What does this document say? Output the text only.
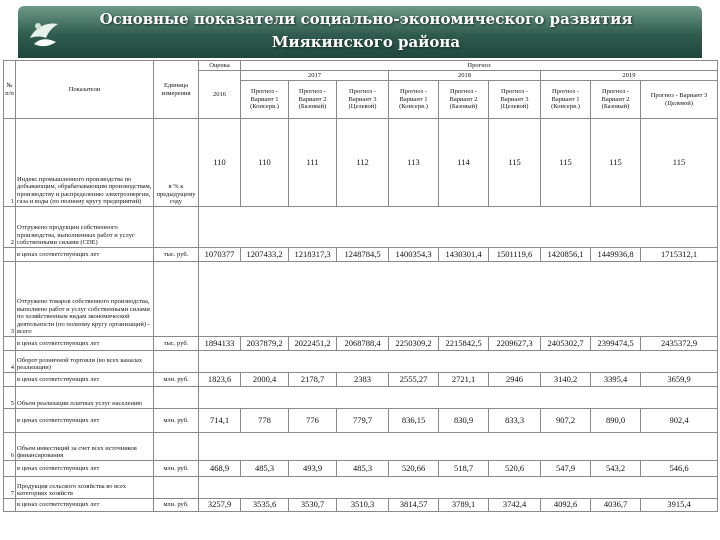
Основные показатели социально-экономического развития Миякинского района
№ п/п	Показатели	Единица измерения	Оценка	Прогноз								
			2016	2017			2018			2019		
				Прогноз - Вариант 1 (Консерв.)	Прогноз - Вариант 2 (Базовый)	Прогноз - Вариант 3 (Целевой)	Прогноз - Вариант 1 (Консерв.)	Прогноз - Вариант 2 (Базовый)	Прогноз - Вариант 3 (Целевой)	Прогноз - Вариант 1 (Консерв.)	Прогноз - Вариант 2 (Базовый)	Прогноз - Вариант 3 (Целевой)
1	Индекс промышленного производства по добывающим, обрабатывающим производствам, производству и распределению электроэнергии, газа и воды (по полному кругу предприятий)	в % к предыдущему году	110	110	111	112	113	114	115	115	115	115
2	Отгружено продукции собственного производства, выполненных работ и услуг собственными силами (CDE)											
	в ценах соответствующих лет	тыс. руб.	1070377	1207433,2	1218317,3	1248784,5	1400354,3	1430301,4	1501119,6	1420856,1	1449936,8	1715312,1
3	Отгружено товаров собственного производства, выполнено работ и услуг собственными силами по хозяйственным видам экономической деятельности (по полному кругу организаций) - всего											
	в ценах соответствующих лет	тыс. руб.	1894133	2037879,2	2022451,2	2068788,4	2250309,2	2215842,5	2209627,3	2405302,7	2399474,5	2435372,9
4	Оборот розничной торговли (во всех каналах реализации)											
	в ценах соответствующих лет	млн. руб.	1823,6	2000,4	2178,7	2383	2555,27	2721,1	2946	3140,2	3395,4	3659,9
5	Объем реализации платных услуг населению											
	в ценах соответствующих лет	млн. руб.	714,1	778	776	779,7	836,15	830,9	833,3	907,2	890,0	902,4
6	Объем инвестиций за счет всех источников финансирования											
	в ценах соответствующих лет	млн. руб.	468,9	485,3	493,9	485,3	520,66	518,7	520,6	547,9	543,2	546,6
7	Продукция сельского хозяйства во всех категориях хозяйств											
	в ценах соответствующих лет	млн. руб.	3257,9	3535,6	3530,7	3510,3	3814,57	3789,1	3742,4	4092,6	4036,7	3915,4
